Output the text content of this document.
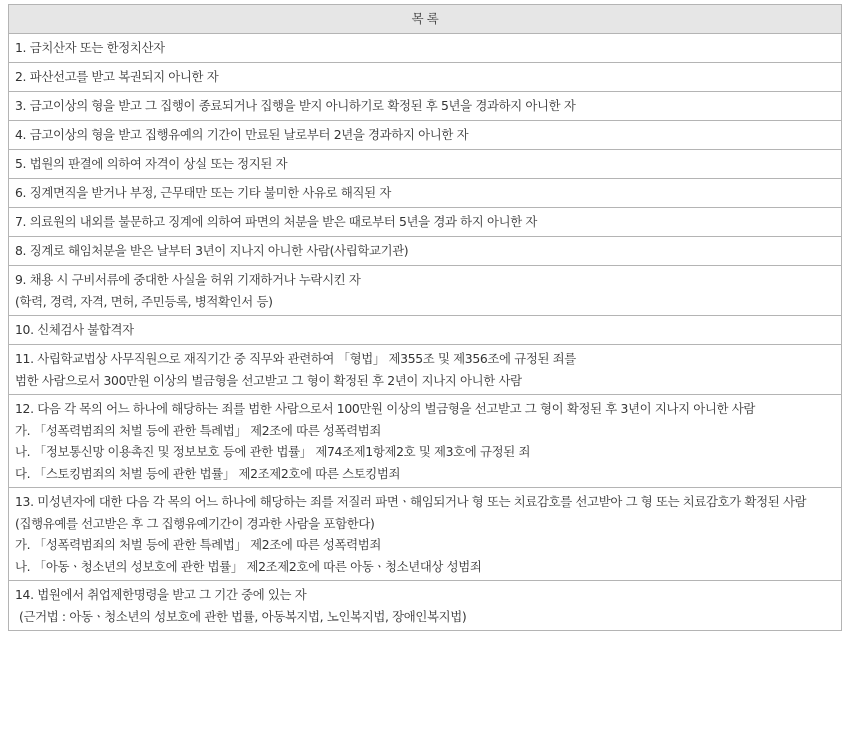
목 록

1. 금치산자 또는 한정치산자

2. 파산선고를 받고 복권되지 아니한 자

3. 금고이상의 형을 받고 그 집행이 종료되거나 집행을 받지 아니하기로 확정된 후 5년을 경과하지 아니한 자

4. 금고이상의 형을 받고 집행유예의 기간이 만료된 날로부터 2년을 경과하지 아니한 자

5. 법원의 판결에 의하여 자격이 상실 또는 정지된 자

6. 징계면직을 받거나 부정, 근무태만 또는 기타 불미한 사유로 해직된 자

7. 의료원의 내외를 불문하고 징계에 의하여 파면의 처분을 받은 때로부터 5년을 경과 하지 아니한 자

8. 징계로 해임처분을 받은 날부터 3년이 지나지 아니한 사람(사립학교기관)

9. 채용 시 구비서류에 중대한 사실을 허위 기재하거나 누락시킨 자
(학력, 경력, 자격, 면허, 주민등록, 병적확인서 등)

10. 신체검사 불합격자

11. 사립학교법상 사무직원으로 재직기간 중 직무와 관련하여 「형법」 제355조 및 제356조에 규정된 죄를
범한 사람으로서 300만원 이상의 벌금형을 선고받고 그 형이 확정된 후 2년이 지나지 아니한 사람

12. 다음 각 목의 어느 하나에 해당하는 죄를 범한 사람으로서 100만원 이상의 벌금형을 선고받고 그 형이 확정된 후 3년이 지나지 아니한 사람
가. 「성폭력범죄의 처벌 등에 관한 특례법」 제2조에 따른 성폭력범죄
나. 「정보통신망 이용촉진 및 정보보호 등에 관한 법률」 제74조제1항제2호 및 제3호에 규정된 죄
다. 「스토킹범죄의 처벌 등에 관한 법률」 제2조제2호에 따른 스토킹범죄

13. 미성년자에 대한 다음 각 목의 어느 하나에 해당하는 죄를 저질러 파면ㆍ해임되거나 형 또는 치료감호를 선고받아 그 형 또는 치료감호가 확정된 사람
(집행유예를 선고받은 후 그 집행유예기간이 경과한 사람을 포함한다)
가. 「성폭력범죄의 처벌 등에 관한 특례법」 제2조에 따른 성폭력범죄
나. 「아동ㆍ청소년의 성보호에 관한 법률」 제2조제2호에 따른 아동ㆍ청소년대상 성범죄

14. 법원에서 취업제한명령을 받고 그 기간 중에 있는 자
(근거법 : 아동ㆍ청소년의 성보호에 관한 법률, 아동복지법, 노인복지법, 장애인복지법)
